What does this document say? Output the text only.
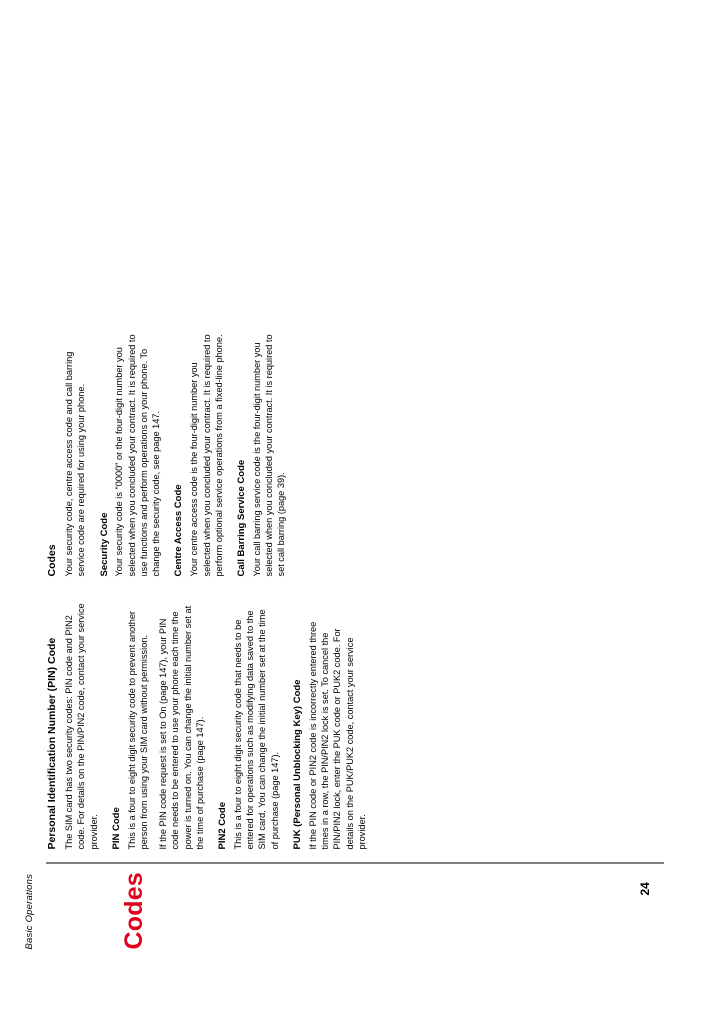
Basic Operations	Codes	24
Personal Identification Number (PIN) Code The SIM card has two security codes: PIN code and PIN2 code. For details on the PIN/PIN2 code, contact your service provider. PIN Code This is a four to eight digit security code to prevent another person from using your SIM card without permission. If the PIN code request is set to On (page 147), your PIN code needs to be entered to use your phone each time the power is turned on. You can change the initial number set at the time of purchase (page 147). PIN2 Code This is a four to eight digit security code that needs to be entered for operations such as modifying data saved to the SIM card. You can change the initial number set at the time of purchase (page 147). PUK (Personal Unblocking Key) Code If the PIN code or PIN2 code is incorrectly entered three times in a row, the PIN/PIN2 lock is set. To cancel the PIN/PIN2 lock, enter the PUK code or PUK2 code. For details on the PUK/PUK2 code, contact your service provider.

Codes Your security code, centre access code and call barring service code are required for using your phone. Security Code Your security code is "0000" or the four-digit number you selected when you concluded your contract. It is required to use functions and perform operations on your phone. To change the security code, see page 147. Centre Access Code Your centre access code is the four-digit number you selected when you concluded your contract. It is required to perform optional service operations from a fixed-line phone. Call Barring Service Code Your call barring service code is the four-digit number you selected when you concluded your contract. It is required to set call barring (page 39).
